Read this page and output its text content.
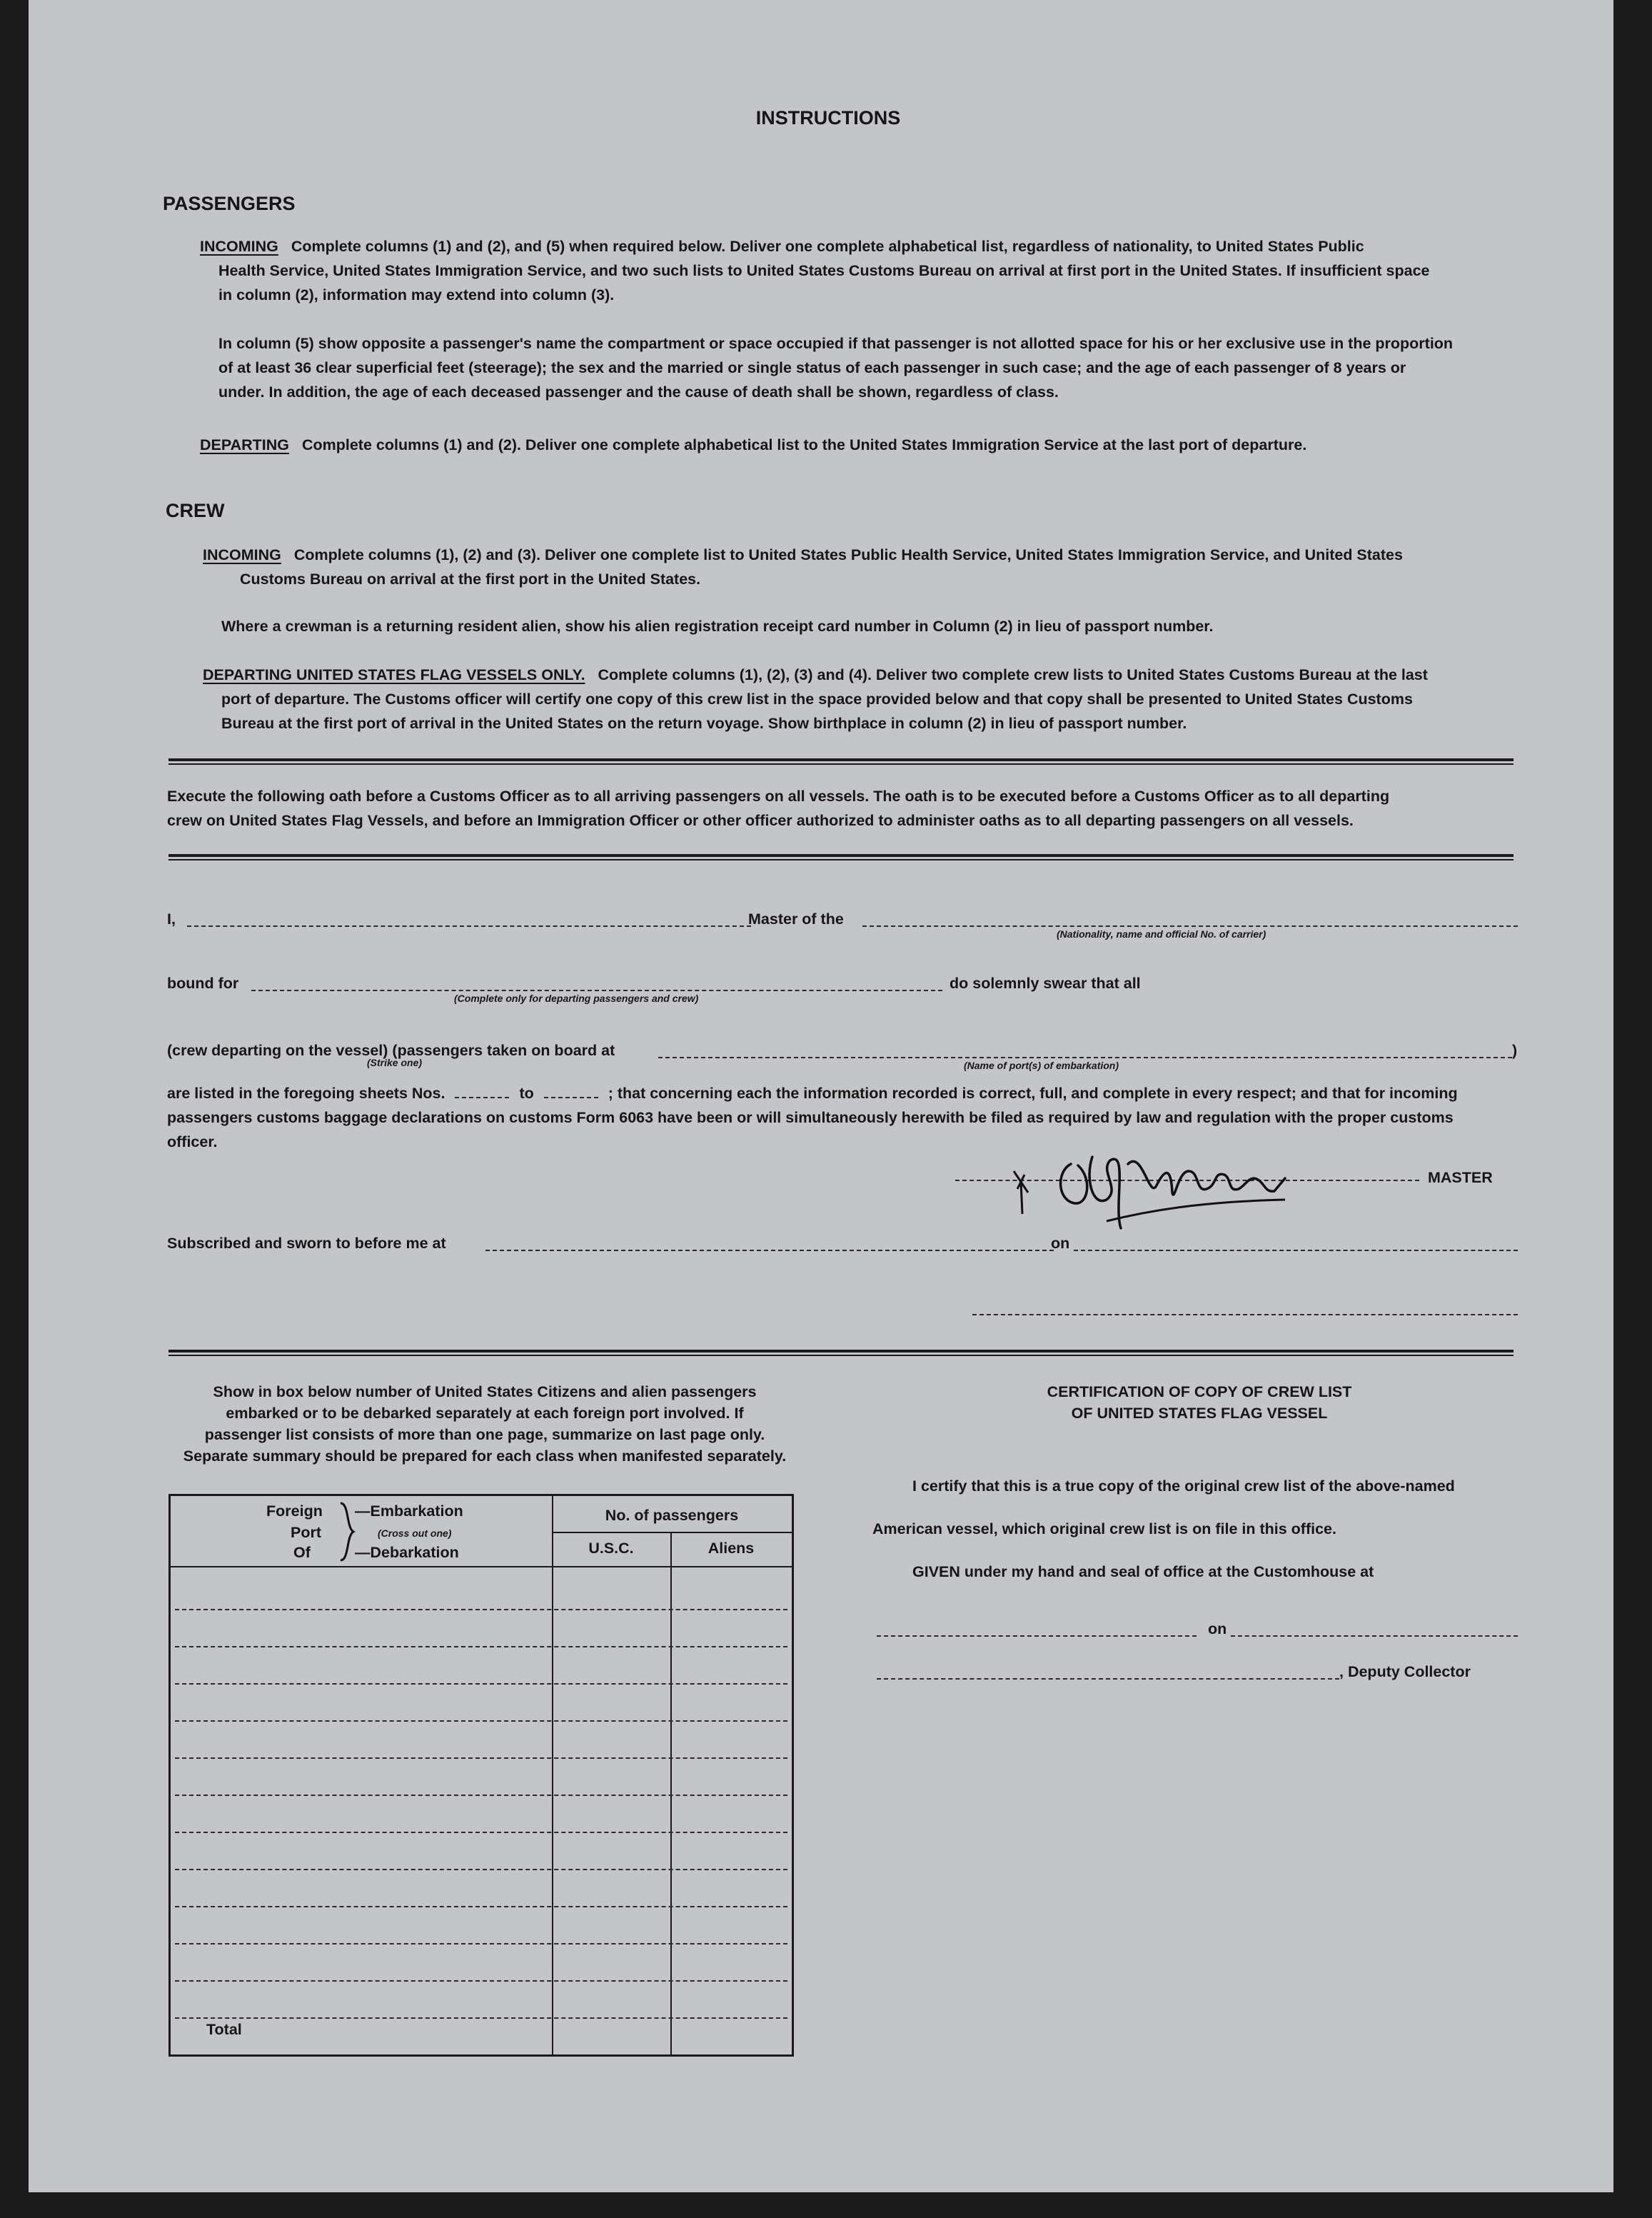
INSTRUCTIONS
PASSENGERS
INCOMING Complete columns (1) and (2), and (5) when required below. Deliver one complete alphabetical list, regardless of nationality, to United States Public
Health Service, United States Immigration Service, and two such lists to United States Customs Bureau on arrival at first port in the United States. If insufficient space
in column (2), information may extend into column (3).
In column (5) show opposite a passenger's name the compartment or space occupied if that passenger is not allotted space for his or her exclusive use in the proportion
of at least 36 clear superficial feet (steerage); the sex and the married or single status of each passenger in such case; and the age of each passenger of 8 years or
under. In addition, the age of each deceased passenger and the cause of death shall be shown, regardless of class.
DEPARTING Complete columns (1) and (2). Deliver one complete alphabetical list to the United States Immigration Service at the last port of departure.
CREW
INCOMING Complete columns (1), (2) and (3). Deliver one complete list to United States Public Health Service, United States Immigration Service, and United States
Customs Bureau on arrival at the first port in the United States.
Where a crewman is a returning resident alien, show his alien registration receipt card number in Column (2) in lieu of passport number.
DEPARTING UNITED STATES FLAG VESSELS ONLY. Complete columns (1), (2), (3) and (4). Deliver two complete crew lists to United States Customs Bureau at the last
port of departure. The Customs officer will certify one copy of this crew list in the space provided below and that copy shall be presented to United States Customs
Bureau at the first port of arrival in the United States on the return voyage. Show birthplace in column (2) in lieu of passport number.
Execute the following oath before a Customs Officer as to all arriving passengers on all vessels. The oath is to be executed before a Customs Officer as to all departing
crew on United States Flag Vessels, and before an Immigration Officer or other officer authorized to administer oaths as to all departing passengers on all vessels.
I,	Master of the
(Nationality, name and official No. of carrier)
bound for
(Complete only for departing passengers and crew)
do solemnly swear that all
(crew departing on the vessel) (passengers taken on board at
(Strike one)	(Name of port(s) of embarkation)
)
are listed in the foregoing sheets Nos.	to	; that concerning each the information recorded is correct, full, and complete in every respect; and that for incoming
passengers customs baggage declarations on customs Form 6063 have been or will simultaneously herewith be filed as required by law and regulation with the proper customs
officer.
MASTER
Subscribed and sworn to before me at	on
Show in box below number of United States Citizens and alien passengers
embarked or to be debarked separately at each foreign port involved. If
passenger list consists of more than one page, summarize on last page only.
Separate summary should be prepared for each class when manifested separately.
Foreign
Port
Of
—Embarkation
(Cross out one)
—Debarkation
No. of passengers
U.S.C.	Aliens
Total
CERTIFICATION OF COPY OF CREW LIST
OF UNITED STATES FLAG VESSEL
I certify that this is a true copy of the original crew list of the above-named
American vessel, which original crew list is on file in this office.
GIVEN under my hand and seal of office at the Customhouse at
on
, Deputy Collector
